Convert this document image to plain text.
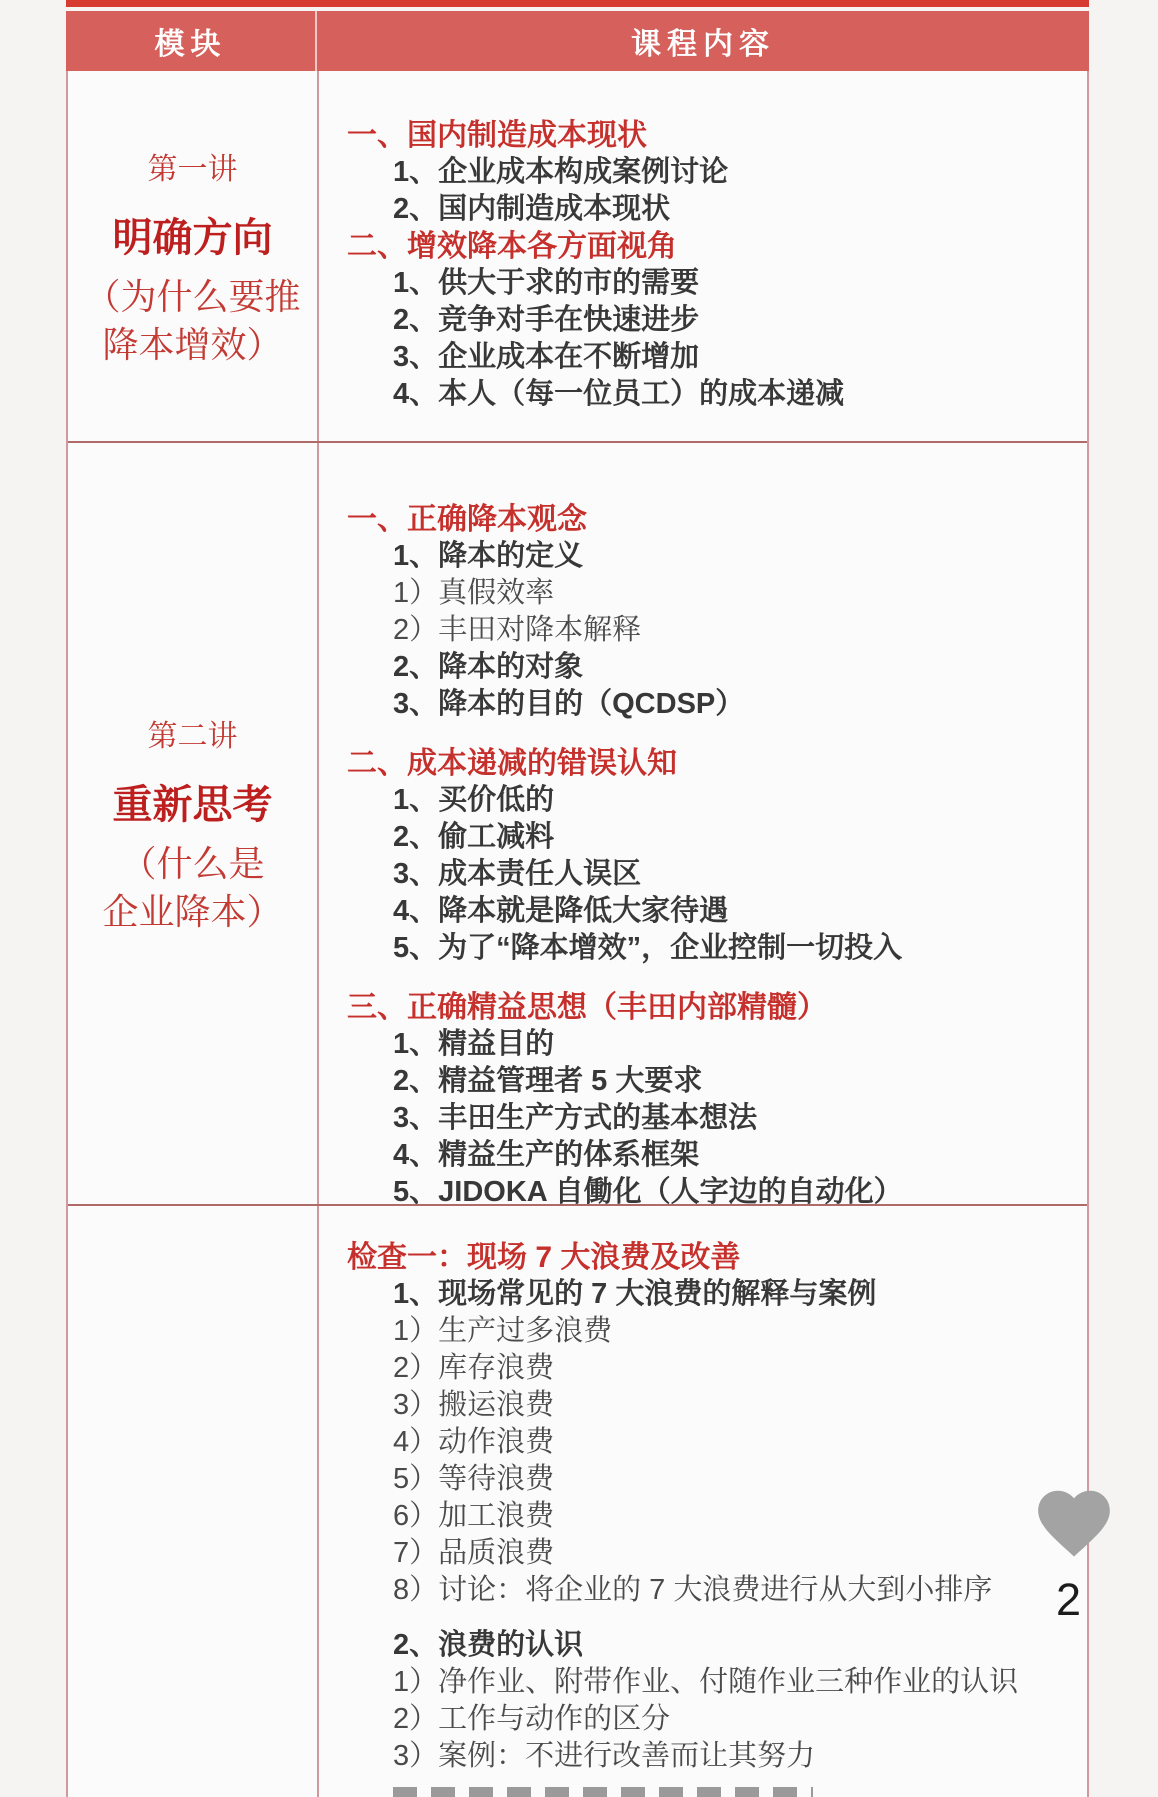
模块	课程内容
第一讲
明确方向
（为什么要推
降本增效）
一、国内制造成本现状
1、企业成本构成案例讨论
2、国内制造成本现状
二、增效降本各方面视角
1、供大于求的市的需要
2、竞争对手在快速进步
3、企业成本在不断增加
4、本人（每一位员工）的成本递减
第二讲
重新思考
（什么是
企业降本）
一、正确降本观念
1、降本的定义
1）真假效率
2）丰田对降本解释
2、降本的对象
3、降本的目的（QCDSP）
二、成本递减的错误认知
1、买价低的
2、偷工减料
3、成本责任人误区
4、降本就是降低大家待遇
5、为了“降本增效”，企业控制一切投入
三、正确精益思想（丰田内部精髓）
1、精益目的
2、精益管理者 5 大要求
3、丰田生产方式的基本想法
4、精益生产的体系框架
5、JIDOKA 自働化（人字边的自动化）
检查一：现场 7 大浪费及改善
1、现场常见的 7 大浪费的解释与案例
1）生产过多浪费
2）库存浪费
3）搬运浪费
4）动作浪费
5）等待浪费
6）加工浪费
7）品质浪费
8）讨论：将企业的 7 大浪费进行从大到小排序
2、浪费的认识
1）净作业、附带作业、付随作业三种作业的认识
2）工作与动作的区分
3）案例：不进行改善而让其努力
2
